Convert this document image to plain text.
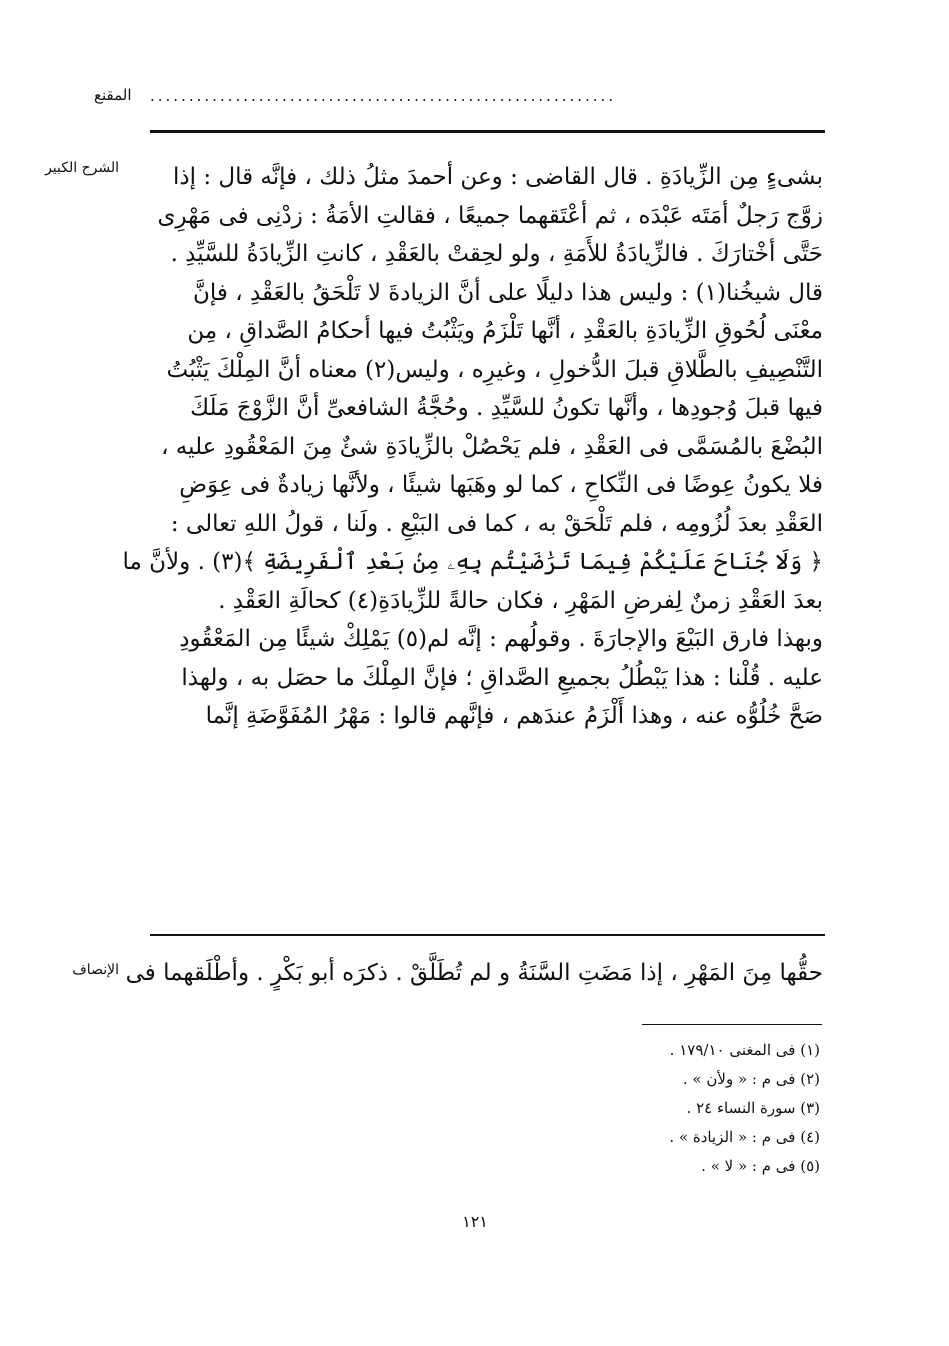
المقنع	............................................................
الشرح الكبير	بشىءٍ مِن الزِّيادَةِ . قال القاضى : وعن أحمدَ مثلُ ذلك ، فإنَّه قال : إذا
زوَّج رَجلٌ أمَتَه عَبْدَه ، ثم أعْتَقهما جميعًا ، فقالتِ الأمَةُ : زدْنِى فى مَهْرِى
حَتَّى أخْتارَكَ . فالزِّيادَةُ للأَمَةِ ، ولو لحِقتْ بالعَقْدِ ، كانتِ الزِّيادَةُ للسَّيِّدِ .
قال شيخُنا(١) : وليس هذا دليلًا على أنَّ الزيادةَ لا تَلْحَقُ بالعَقْدِ ، فإنَّ
معْنَى لُحُوقِ الزِّيادَةِ بالعَقْدِ ، أنَّها تَلْزَمُ ويَثْبُتُ فيها أحكامُ الصَّداقِ ، مِن
التَّنْصِيفِ بالطَّلاقِ قبلَ الدُّخولِ ، وغيرِه ، وليس(٢) معناه أنَّ المِلْكَ يَثْبُتُ
فيها قبلَ وُجودِها ، وأنَّها تكونُ للسَّيِّدِ . وحُجَّةُ الشافعىِّ أنَّ الزَّوْجَ مَلَكَ
البُضْعَ بالمُسَمَّى فى العَقْدِ ، فلم يَحْصُلْ بالزِّيادَةِ شئٌ مِنَ المَعْقُودِ عليه ،
فلا يكونُ عِوضًا فى النِّكاحِ ، كما لو وهَبَها شيئًا ، ولأنَّها زيادةٌ فى عِوَضِ
العَقْدِ بعدَ لُزُومِه ، فلم تَلْحَقْ به ، كما فى البَيْعِ . ولَنا ، قولُ اللهِ تعالى :
﴿ وَلَا جُنَاحَ عَلَيْكُمْ فِيمَا تَرَٰضَيْتُم بِهِۦ مِنۢ بَعْدِ ٱلْفَرِيضَةِ ﴾(٣) . ولأنَّ ما
بعدَ العَقْدِ زمنٌ لِفرضِ المَهْرِ ، فكان حالةً للزِّيادَةِ(٤) كحالَةِ العَقْدِ .
وبهذا فارق البَيْعَ والإجارَةَ . وقولُهم : إنَّه لم(٥) يَمْلِكْ شيئًا مِن المَعْقُودِ
عليه . قُلْنا : هذا يَبْطُلُ بجميعِ الصَّداقِ ؛ فإنَّ المِلْكَ ما حصَل به ، ولهذا
صَحَّ خُلُوُّه عنه ، وهذا أَلْزَمُ عندَهم ، فإنَّهم قالوا : مَهْرُ المُفَوَّضَةِ إنَّما
الإنصاف حقُّها مِنَ المَهْرِ ، إذا مَضَتِ السَّنَةُ و لم تُطَلَّقْ . ذكرَه أبو بَكْرٍ . وأطْلَقهما فى
(١) فى المغنى ١٧٩/١٠ .
(٢) فى م : « ولأن » .
(٣) سورة النساء ٢٤ .
(٤) فى م : « الزيادة » .
(٥) فى م : « لا » .
١٢١
